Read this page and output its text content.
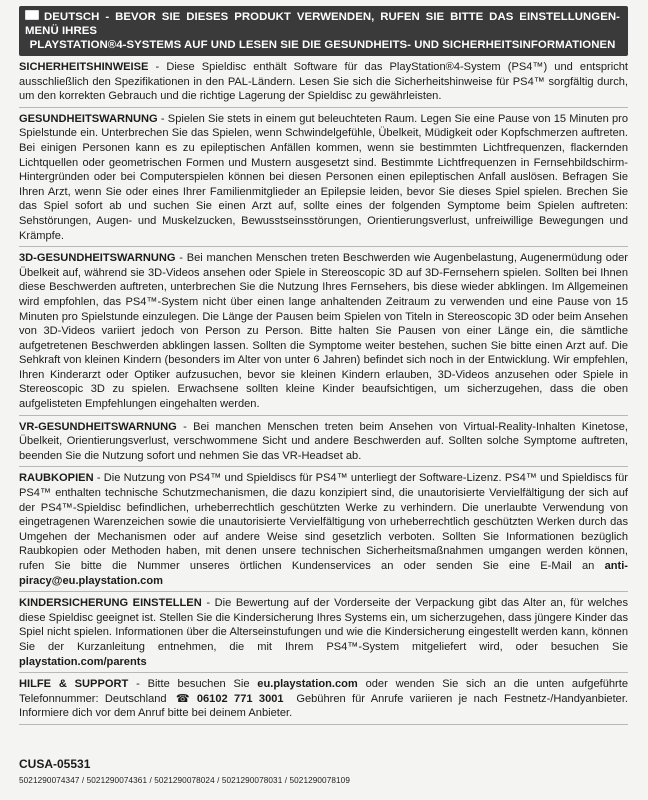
DEUTSCH - BEVOR SIE DIESES PRODUKT VERWENDEN, RUFEN SIE BITTE DAS EINSTELLUNGEN-MENÜ IHRES
PLAYSTATION®4-SYSTEMS AUF UND LESEN SIE DIE GESUNDHEITS- UND SICHERHEITSINFORMATIONEN
SICHERHEITSHINWEISE - Diese Spieldisc enthält Software für das PlayStation®4-System (PS4™) und entspricht ausschließlich den Spezifikationen in den PAL-Ländern. Lesen Sie sich die Sicherheitshinweise für PS4™ sorgfältig durch, um den korrekten Gebrauch und die richtige Lagerung der Spieldisc zu gewährleisten.
GESUNDHEITSWARNUNG - Spielen Sie stets in einem gut beleuchteten Raum. Legen Sie eine Pause von 15 Minuten pro Spielstunde ein. Unterbrechen Sie das Spielen, wenn Schwindelgefühle, Übelkeit, Müdigkeit oder Kopfschmerzen auftreten. Bei einigen Personen kann es zu epileptischen Anfällen kommen, wenn sie bestimmten Lichtfrequenzen, flackernden Lichtquellen oder geometrischen Formen und Mustern ausgesetzt sind. Bestimmte Lichtfrequenzen in Fernsehbildschirm-Hintergründen oder bei Computerspielen können bei diesen Personen einen epileptischen Anfall auslösen. Befragen Sie Ihren Arzt, wenn Sie oder eines Ihrer Familienmitglieder an Epilepsie leiden, bevor Sie dieses Spiel spielen. Brechen Sie das Spiel sofort ab und suchen Sie einen Arzt auf, sollte eines der folgenden Symptome beim Spielen auftreten: Sehstörungen, Augen- und Muskelzucken, Bewusstseinsstörungen, Orientierungsverlust, unfreiwillige Bewegungen und Krämpfe.
3D-GESUNDHEITSWARNUNG - Bei manchen Menschen treten Beschwerden wie Augenbelastung, Augenermüdung oder Übelkeit auf, während sie 3D-Videos ansehen oder Spiele in Stereoscopic 3D auf 3D-Fernsehern spielen. Sollten bei Ihnen diese Beschwerden auftreten, unterbrechen Sie die Nutzung Ihres Fernsehers, bis diese wieder abklingen. Im Allgemeinen wird empfohlen, das PS4™-System nicht über einen lange anhaltenden Zeitraum zu verwenden und eine Pause von 15 Minuten pro Spielstunde einzulegen. Die Länge der Pausen beim Spielen von Titeln in Stereoscopic 3D oder beim Ansehen von 3D-Videos variiert jedoch von Person zu Person. Bitte halten Sie Pausen von einer Länge ein, die sämtliche aufgetretenen Beschwerden abklingen lassen. Sollten die Symptome weiter bestehen, suchen Sie bitte einen Arzt auf. Die Sehkraft von kleinen Kindern (besonders im Alter von unter 6 Jahren) befindet sich noch in der Entwicklung. Wir empfehlen, Ihren Kinderarzt oder Optiker aufzusuchen, bevor sie kleinen Kindern erlauben, 3D-Videos anzusehen oder Spiele in Stereoscopic 3D zu spielen. Erwachsene sollten kleine Kinder beaufsichtigen, um sicherzugehen, dass die oben aufgelisteten Empfehlungen eingehalten werden.
VR-GESUNDHEITSWARNUNG - Bei manchen Menschen treten beim Ansehen von Virtual-Reality-Inhalten Kinetose, Übelkeit, Orientierungsverlust, verschwommene Sicht und andere Beschwerden auf. Sollten solche Symptome auftreten, beenden Sie die Nutzung sofort und nehmen Sie das VR-Headset ab.
RAUBKOPIEN - Die Nutzung von PS4™ und Spieldiscs für PS4™ unterliegt der Software-Lizenz. PS4™ und Spieldiscs für PS4™ enthalten technische Schutzmechanismen, die dazu konzipiert sind, die unautorisierte Vervielfältigung der sich auf der PS4™-Spieldisc befindlichen, urheberrechtlich geschützten Werke zu verhindern. Die unerlaubte Verwendung von eingetragenen Warenzeichen sowie die unautorisierte Vervielfältigung von urheberrechtlich geschützten Werken durch das Umgehen der Mechanismen oder auf andere Weise sind gesetzlich verboten. Sollten Sie Informationen bezüglich Raubkopien oder Methoden haben, mit denen unsere technischen Sicherheitsmaßnahmen umgangen werden können, rufen Sie bitte die Nummer unseres örtlichen Kundenservices an oder senden Sie eine E-Mail an anti-piracy@eu.playstation.com
KINDERSICHERUNG EINSTELLEN - Die Bewertung auf der Vorderseite der Verpackung gibt das Alter an, für welches diese Spieldisc geeignet ist. Stellen Sie die Kindersicherung Ihres Systems ein, um sicherzugehen, dass jüngere Kinder das Spiel nicht spielen. Informationen über die Alterseinstufungen und wie die Kindersicherung eingestellt werden kann, können Sie der Kurzanleitung entnehmen, die mit Ihrem PS4™-System mitgeliefert wird, oder besuchen Sie playstation.com/parents
HILFE & SUPPORT - Bitte besuchen Sie eu.playstation.com oder wenden Sie sich an die unten aufgeführte Telefonnummer: Deutschland ☎ 06102 771 3001 Gebühren für Anrufe variieren je nach Festnetz-/Handyanbieter. Informiere dich vor dem Anruf bitte bei deinem Anbieter.
CUSA-05531
5021290074347 / 5021290074361 / 5021290078024 / 5021290078031 / 5021290078109
